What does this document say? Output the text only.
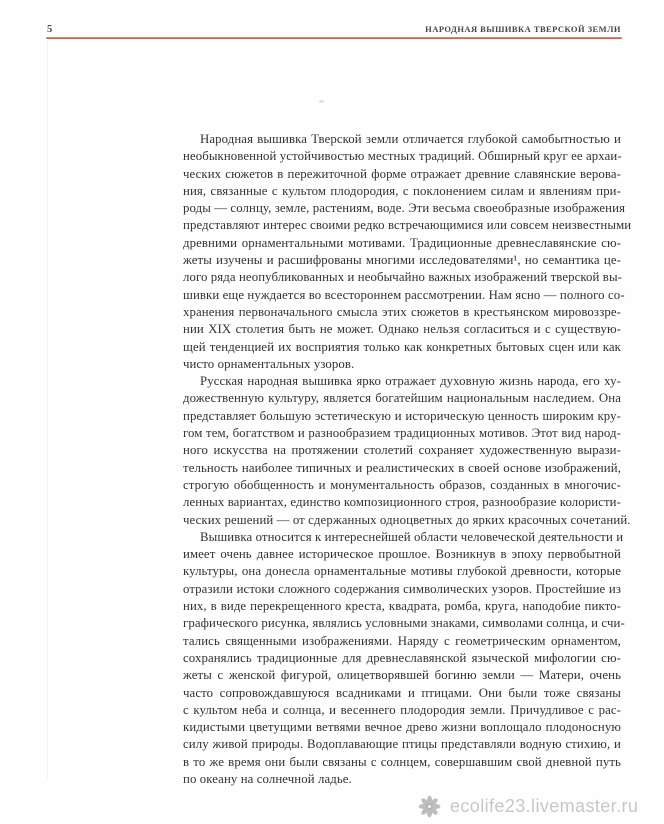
5	НАРОДНАЯ ВЫШИВКА ТВЕРСКОЙ ЗЕМЛИ
Народная вышивка Тверской земли отличается глубокой самобытностью и
необыкновенной устойчивостью местных традиций. Обширный круг ее архаи-
ческих сюжетов в пережиточной форме отражает древние славянские верова-
ния, связанные с культом плодородия, с поклонением силам и явлениям при-
роды — солнцу, земле, растениям, воде. Эти весьма своеобразные изображения
представляют интерес своими редко встречающимися или совсем неизвестными
древними орнаментальными мотивами. Традиционные древнеславянские сю-
жеты изучены и расшифрованы многими исследователями¹, но семантика це-
лого ряда неопубликованных и необычайно важных изображений тверской вы-
шивки еще нуждается во всестороннем рассмотрении. Нам ясно — полного со-
хранения первоначального смысла этих сюжетов в крестьянском мировоззре-
нии XIX столетия быть не может. Однако нельзя согласиться и с существую-
щей тенденцией их восприятия только как конкретных бытовых сцен или как
чисто орнаментальных узоров.
Русская народная вышивка ярко отражает духовную жизнь народа, его ху-
дожественную культуру, является богатейшим национальным наследием. Она
представляет большую эстетическую и историческую ценность широким кру-
гом тем, богатством и разнообразием традиционных мотивов. Этот вид народ-
ного искусства на протяжении столетий сохраняет художественную вырази-
тельность наиболее типичных и реалистических в своей основе изображений,
строгую обобщенность и монументальность образов, созданных в многочис-
ленных вариантах, единство композиционного строя, разнообразие колористи-
ческих решений — от сдержанных одноцветных до ярких красочных сочетаний.
Вышивка относится к интереснейшей области человеческой деятельности и
имеет очень давнее историческое прошлое. Возникнув в эпоху первобытной
культуры, она донесла орнаментальные мотивы глубокой древности, которые
отразили истоки сложного содержания символических узоров. Простейшие из
них, в виде перекрещенного креста, квадрата, ромба, круга, наподобие пикто-
графического рисунка, являлись условными знаками, символами солнца, и счи-
тались священными изображениями. Наряду с геометрическим орнаментом,
сохранялись традиционные для древнеславянской языческой мифологии сю-
жеты с женской фигурой, олицетворявшей богиню земли — Матери, очень
часто сопровождавшуюся всадниками и птицами. Они были тоже связаны
с культом неба и солнца, и весеннего плодородия земли. Причудливое с рас-
кидистыми цветущими ветвями вечное древо жизни воплощало плодоносную
силу живой природы. Водоплавающие птицы представляли водную стихию, и
в то же время они были связаны с солнцем, совершавшим свой дневной путь
по океану на солнечной ладье.
ecolife23.livemaster.ru
